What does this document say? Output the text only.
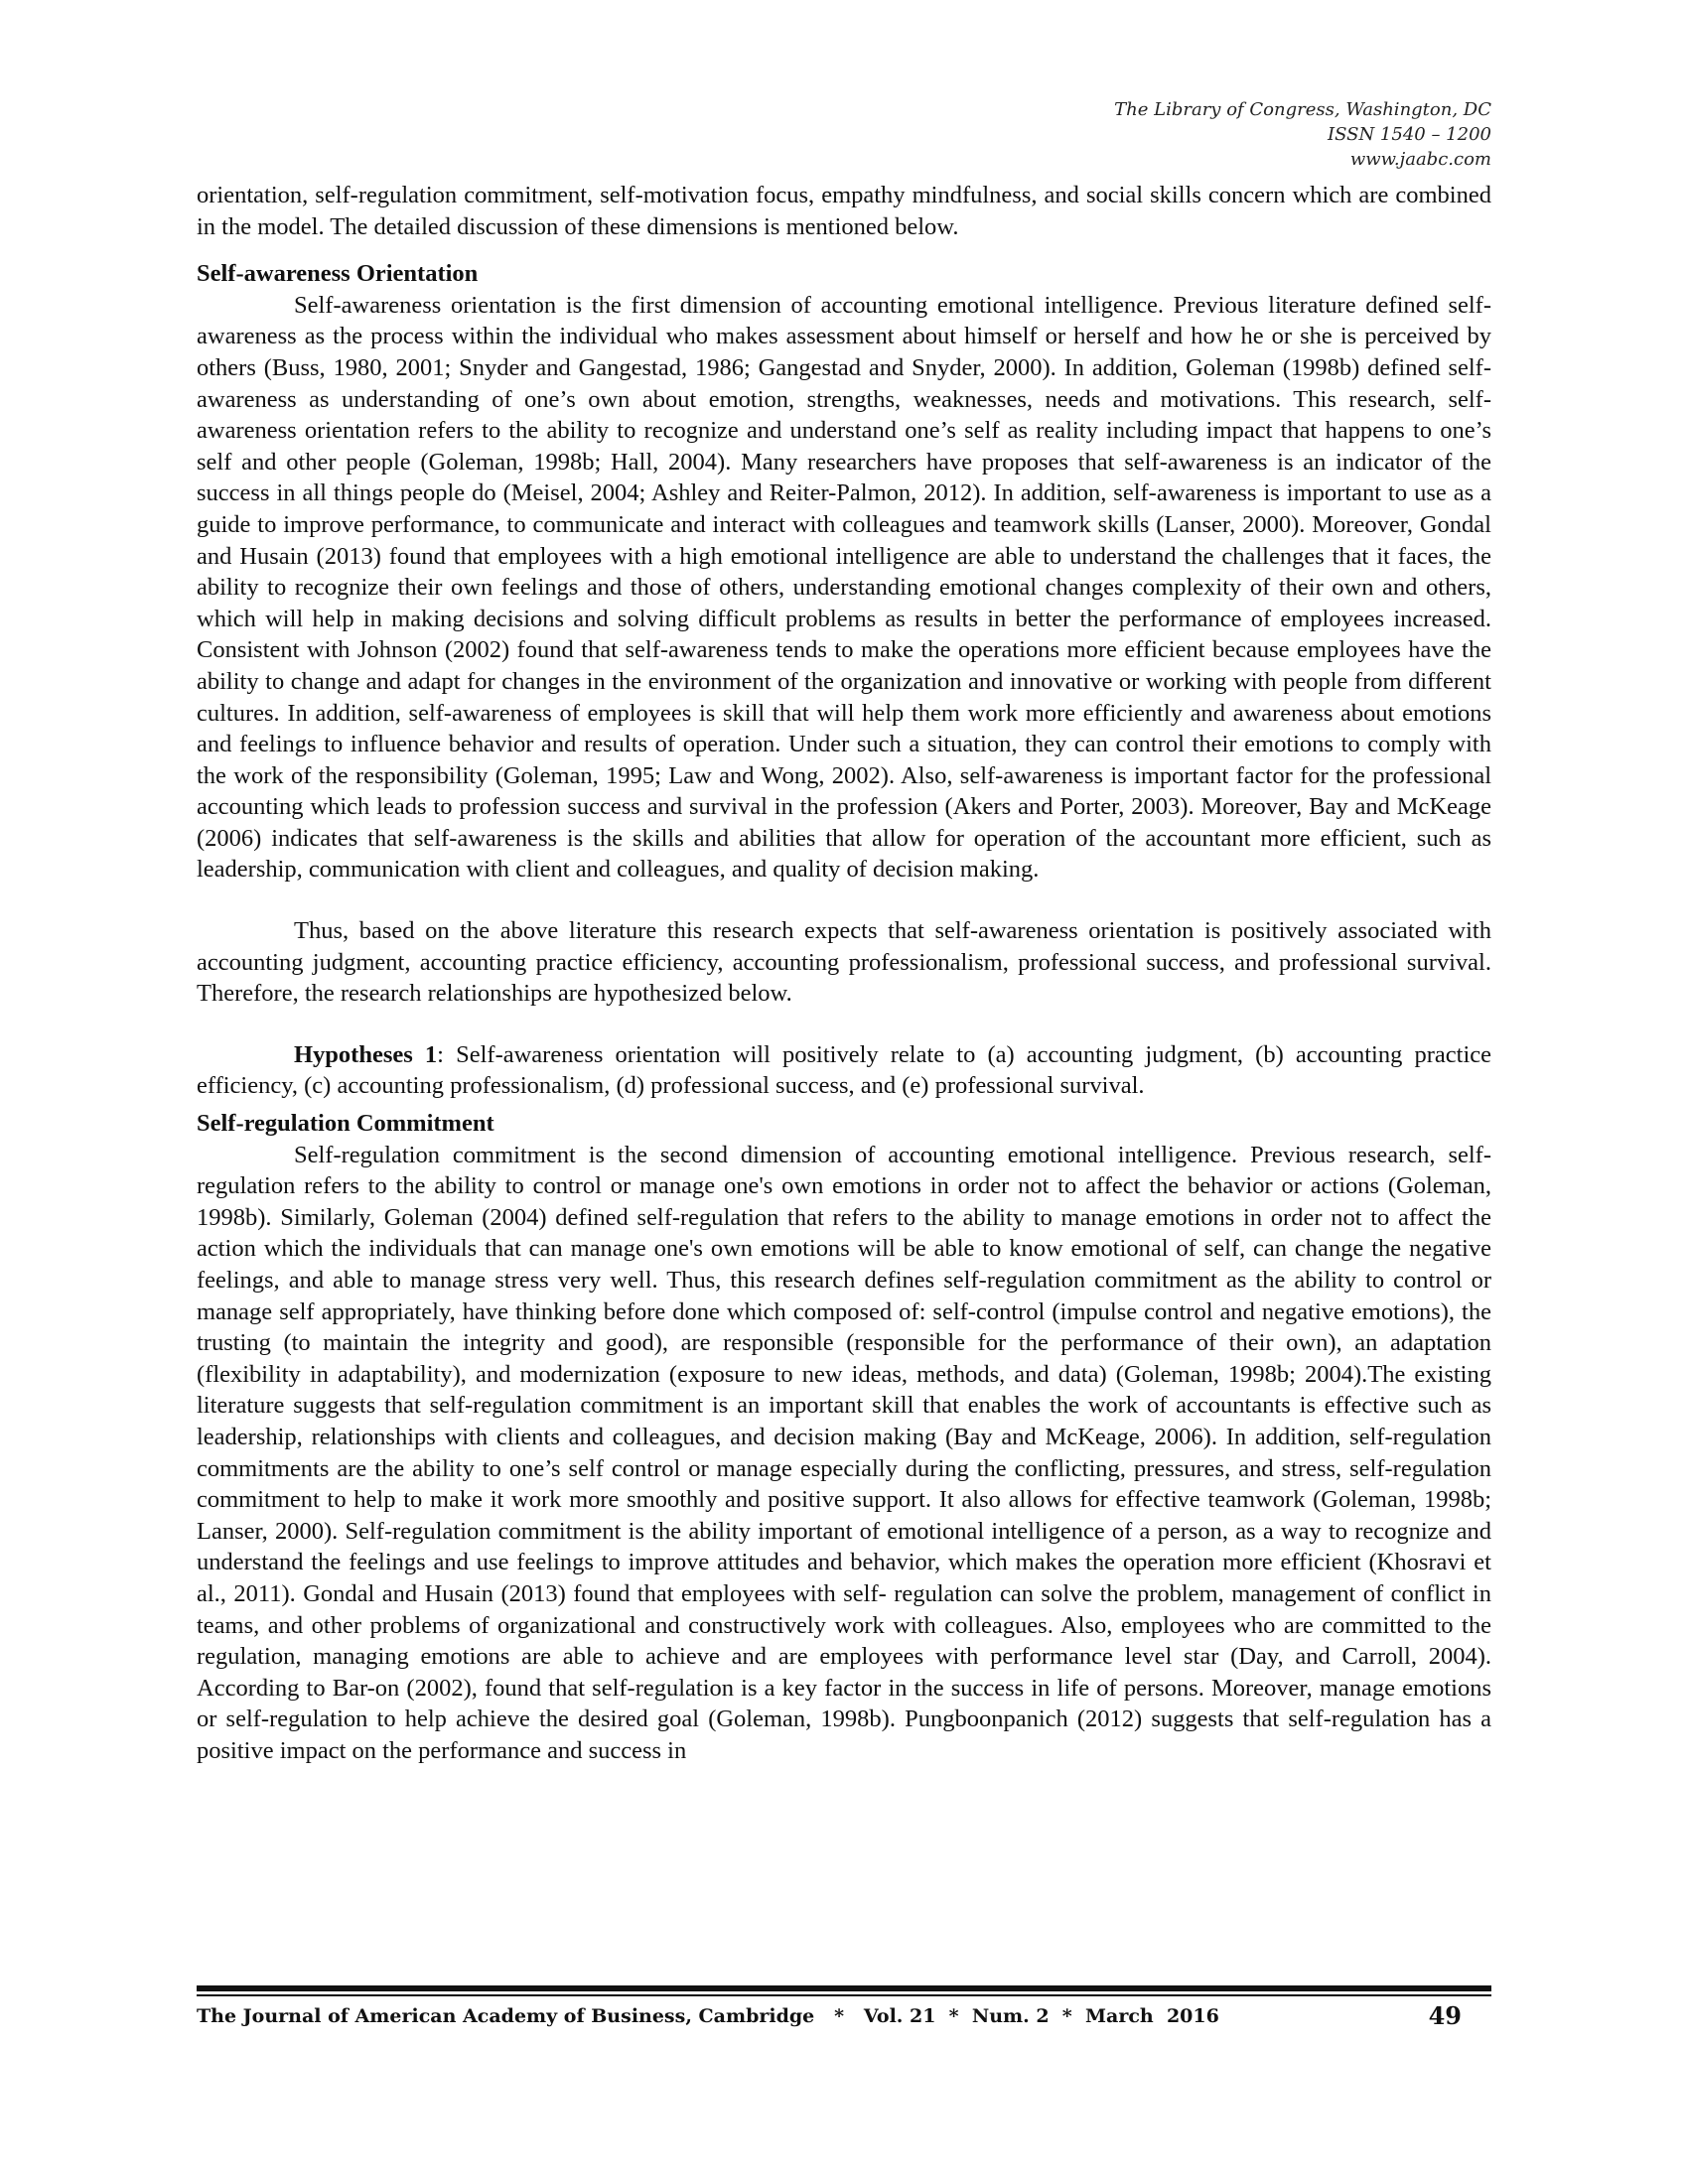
The Library of Congress, Washington, DC
ISSN 1540 – 1200
www.jaabc.com

orientation, self-regulation commitment, self-motivation focus, empathy mindfulness, and social skills concern which are combined in the model. The detailed discussion of these dimensions is mentioned below.

Self-awareness Orientation

Self-awareness orientation is the first dimension of accounting emotional intelligence. Previous literature defined self-awareness as the process within the individual who makes assessment about himself or herself and how he or she is perceived by others (Buss, 1980, 2001; Snyder and Gangestad, 1986; Gangestad and Snyder, 2000). In addition, Goleman (1998b) defined self-awareness as understanding of one’s own about emotion, strengths, weaknesses, needs and motivations. This research, self-awareness orientation refers to the ability to recognize and understand one’s self as reality including impact that happens to one’s self and other people (Goleman, 1998b; Hall, 2004). Many researchers have proposes that self-awareness is an indicator of the success in all things people do (Meisel, 2004; Ashley and Reiter-Palmon, 2012). In addition, self-awareness is important to use as a guide to improve performance, to communicate and interact with colleagues and teamwork skills (Lanser, 2000). Moreover, Gondal and Husain (2013) found that employees with a high emotional intelligence are able to understand the challenges that it faces, the ability to recognize their own feelings and those of others, understanding emotional changes complexity of their own and others, which will help in making decisions and solving difficult problems as results in better the performance of employees increased. Consistent with Johnson (2002) found that self-awareness tends to make the operations more efficient because employees have the ability to change and adapt for changes in the environment of the organization and innovative or working with people from different cultures. In addition, self-awareness of employees is skill that will help them work more efficiently and awareness about emotions and feelings to influence behavior and results of operation. Under such a situation, they can control their emotions to comply with the work of the responsibility (Goleman, 1995; Law and Wong, 2002). Also, self-awareness is important factor for the professional accounting which leads to profession success and survival in the profession (Akers and Porter, 2003). Moreover, Bay and McKeage (2006) indicates that self-awareness is the skills and abilities that allow for operation of the accountant more efficient, such as leadership, communication with client and colleagues, and quality of decision making.

Thus, based on the above literature this research expects that self-awareness orientation is positively associated with accounting judgment, accounting practice efficiency, accounting professionalism, professional success, and professional survival. Therefore, the research relationships are hypothesized below.

Hypotheses 1: Self-awareness orientation will positively relate to (a) accounting judgment, (b) accounting practice efficiency, (c) accounting professionalism, (d) professional success, and (e) professional survival.

Self-regulation Commitment

Self-regulation commitment is the second dimension of accounting emotional intelligence. Previous research, self-regulation refers to the ability to control or manage one's own emotions in order not to affect the behavior or actions (Goleman, 1998b). Similarly, Goleman (2004) defined self-regulation that refers to the ability to manage emotions in order not to affect the action which the individuals that can manage one's own emotions will be able to know emotional of self, can change the negative feelings, and able to manage stress very well. Thus, this research defines self-regulation commitment as the ability to control or manage self appropriately, have thinking before done which composed of: self-control (impulse control and negative emotions), the trusting (to maintain the integrity and good), are responsible (responsible for the performance of their own), an adaptation (flexibility in adaptability), and modernization (exposure to new ideas, methods, and data) (Goleman, 1998b; 2004).The existing literature suggests that self-regulation commitment is an important skill that enables the work of accountants is effective such as leadership, relationships with clients and colleagues, and decision making (Bay and McKeage, 2006). In addition, self-regulation commitments are the ability to one’s self control or manage especially during the conflicting, pressures, and stress, self-regulation commitment to help to make it work more smoothly and positive support. It also allows for effective teamwork (Goleman, 1998b; Lanser, 2000). Self-regulation commitment is the ability important of emotional intelligence of a person, as a way to recognize and understand the feelings and use feelings to improve attitudes and behavior, which makes the operation more efficient (Khosravi et al., 2011). Gondal and Husain (2013) found that employees with self- regulation can solve the problem, management of conflict in teams, and other problems of organizational and constructively work with colleagues. Also, employees who are committed to the regulation, managing emotions are able to achieve and are employees with performance level star (Day, and Carroll, 2004). According to Bar-on (2002), found that self-regulation is a key factor in the success in life of persons. Moreover, manage emotions or self-regulation to help achieve the desired goal (Goleman, 1998b). Pungboonpanich (2012) suggests that self-regulation has a positive impact on the performance and success in

The Journal of American Academy of Business, Cambridge   *   Vol. 21  *  Num. 2  *  March  2016	49
